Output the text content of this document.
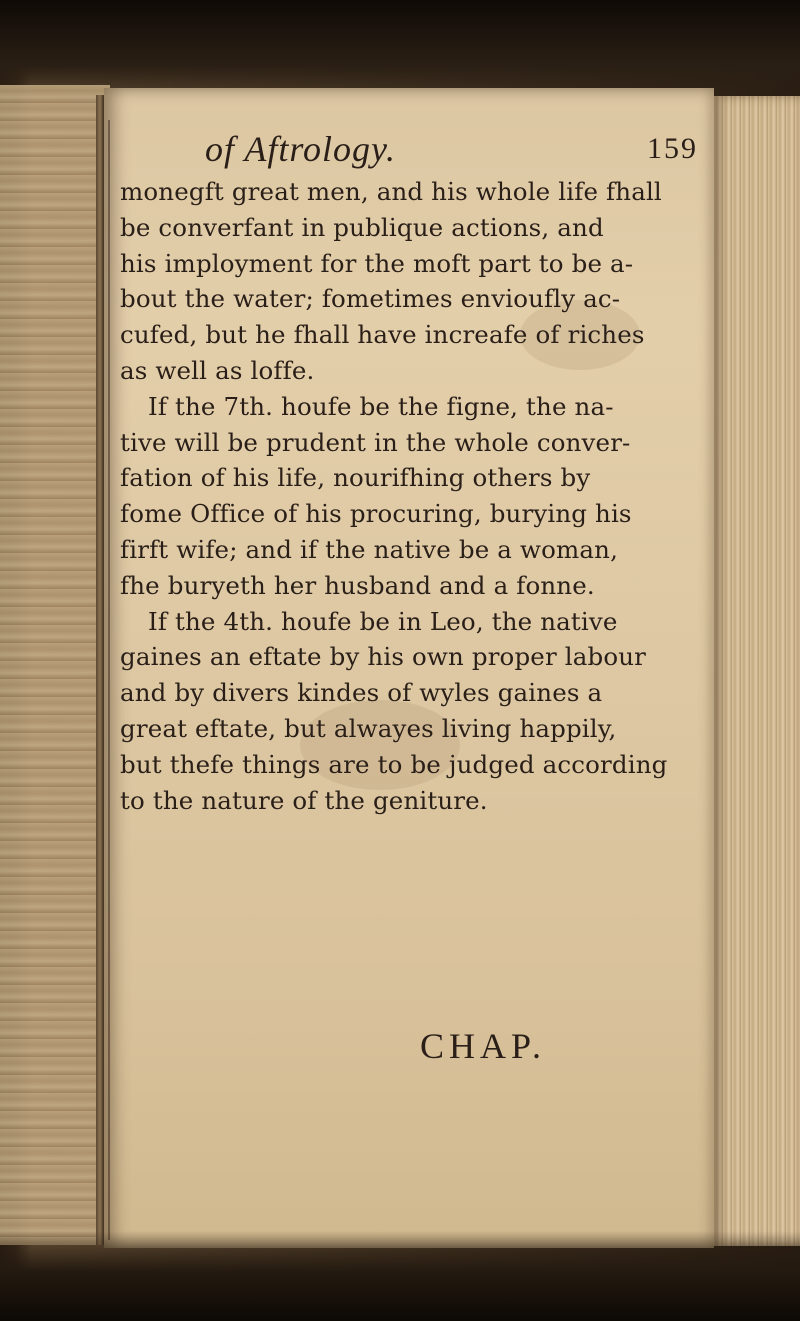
of Aftrology.	159
monegft great men, and his whole life fhall
be converfant in publique actions, and
his imployment for the moft part to be a-
bout the water; fometimes envioufly ac-
cufed, but he fhall have increafe of riches
as well as loffe.
If the 7th. houfe be the figne, the na-
tive will be prudent in the whole conver-
fation of his life, nourifhing others by
fome Office of his procuring, burying his
firft wife; and if the native be a woman,
fhe buryeth her husband and a fonne.
If the 4th. houfe be in Leo, the native
gaines an eftate by his own proper labour
and by divers kindes of wyles gaines a
great eftate, but alwayes living happily,
but thefe things are to be judged according
to the nature of the geniture.
CHAP.
